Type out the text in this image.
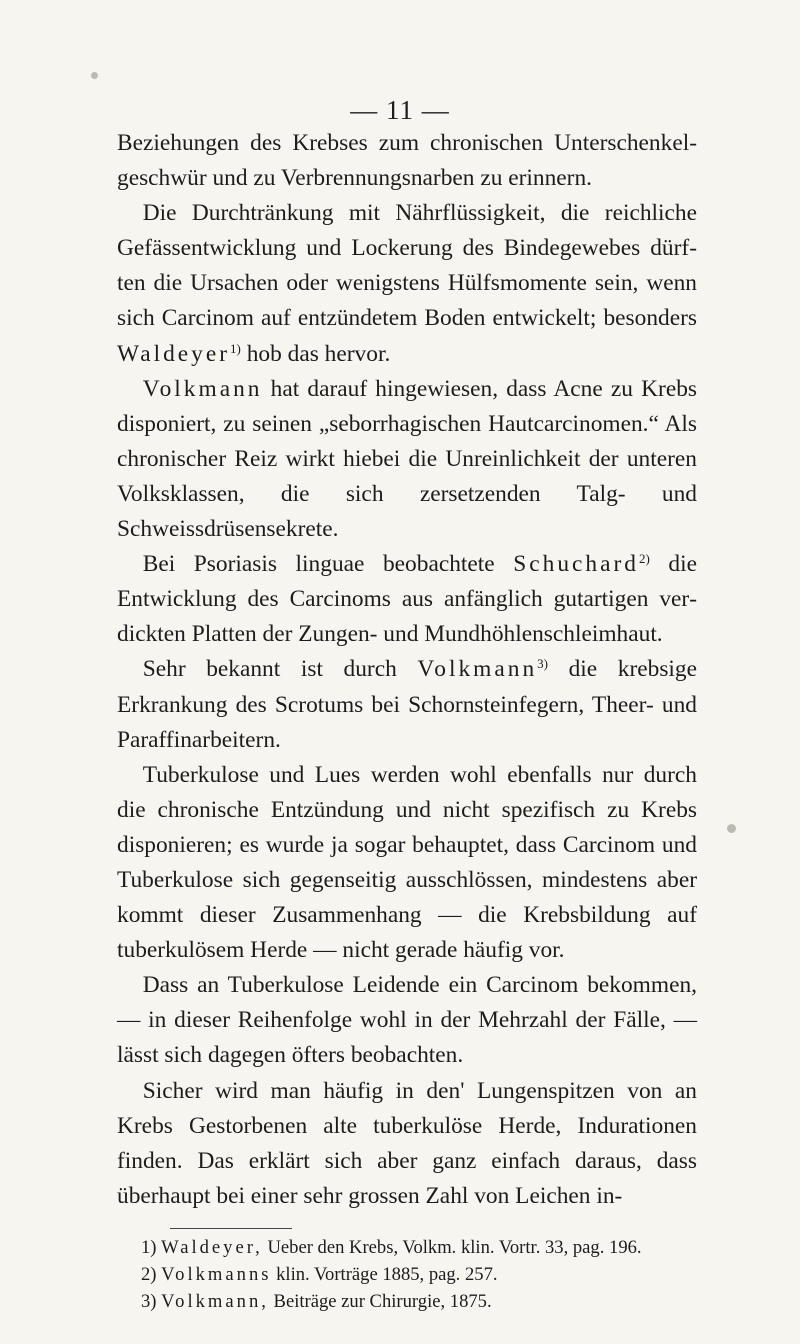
— 11 —

Beziehungen des Krebses zum chronischen Unterschenkelgeschwür und zu Verbrennungsnarben zu erinnern.

Die Durchtränkung mit Nährflüssigkeit, die reichliche Gefässentwicklung und Lockerung des Bindegewebes dürften die Ursachen oder wenigstens Hülfsmomente sein, wenn sich Carcinom auf entzündetem Boden entwickelt; besonders Waldeyer$^{1)}$ hob das hervor.

Volkmann hat darauf hingewiesen, dass Acne zu Krebs disponiert, zu seinen „seborrhagischen Hautcarcinomen.“ Als chronischer Reiz wirkt hiebei die Unreinlichkeit der unteren Volksklassen, die sich zersetzenden Talg- und Schweissdrüsensekrete.

Bei Psoriasis linguae beobachtete Schuchard$^{2)}$ die Entwicklung des Carcinoms aus anfänglich gutartigen verdickten Platten der Zungen- und Mundhöhlenschleimhaut.

Sehr bekannt ist durch Volkmann$^{3)}$ die krebsige Erkrankung des Scrotums bei Schornsteinfegern, Theer- und Paraffinarbeitern.

Tuberkulose und Lues werden wohl ebenfalls nur durch die chronische Entzündung und nicht spezifisch zu Krebs disponieren; es wurde ja sogar behauptet, dass Carcinom und Tuberkulose sich gegenseitig ausschlössen, mindestens aber kommt dieser Zusammenhang — die Krebsbildung auf tuberkulösem Herde — nicht gerade häufig vor.

Dass an Tuberkulose Leidende ein Carcinom bekommen, — in dieser Reihenfolge wohl in der Mehrzahl der Fälle, — lässt sich dagegen öfters beobachten.

Sicher wird man häufig in den' Lungenspitzen von an Krebs Gestorbenen alte tuberkulöse Herde, Indurationen finden. Das erklärt sich aber ganz einfach daraus, dass überhaupt bei einer sehr grossen Zahl von Leichen in-

1) Waldeyer, Ueber den Krebs, Volkm. klin. Vortr. 33, pag. 196.

2) Volkmanns klin. Vorträge 1885, pag. 257.

3) Volkmann, Beiträge zur Chirurgie, 1875.
